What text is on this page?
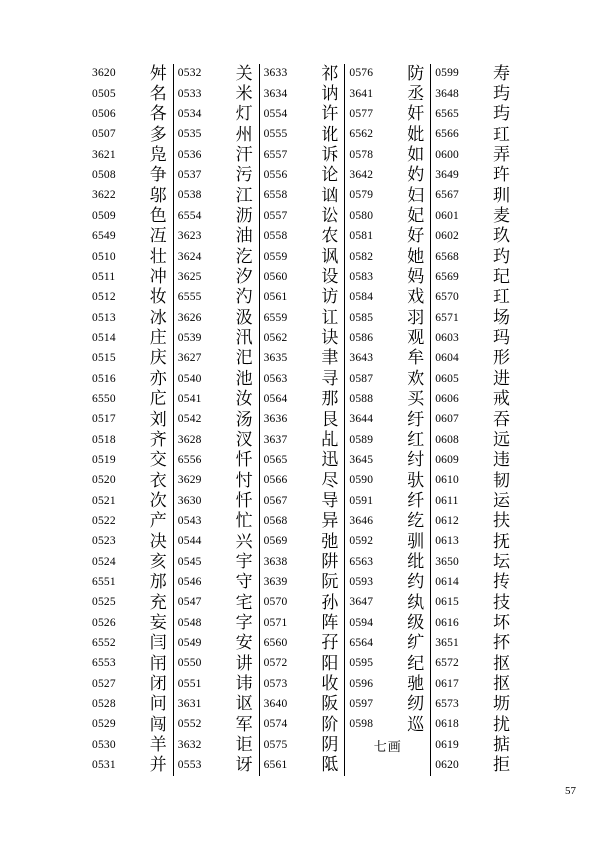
3620 舛
0505 名
0506 各
0507 多
3621 凫
0508 争
3622 邬
0509 色
6549 冱
0510 壮
0511 冲
0512 妆
0513 冰
0514 庄
0515 庆
0516 亦
6550 庀
0517 刘
0518 齐
0519 交
0520 衣
0521 次
0522 产
0523 决
0524 亥
6551 邡
0525 充
0526 妄
6552 闫
6553 闬
0527 闭
0528 问
0529 闯
0530 羊
0531 并
0532 关
0533 米
0534 灯
0535 州
0536 汗
0537 污
0538 江
6554 沥
3623 油
3624 汔
3625 汐
6555 汋
3626 汲
0539 汛
3627 汜
0540 池
0541 汝
0542 汤
3628 汊
6556 忏
3629 忖
3630 忏
0543 忙
0544 兴
0545 宇
0546 守
0547 宅
0548 字
0549 安
0550 讲
0551 讳
3631 讴
0552 军
3632 讵
0553 讶
3633 祁
3634 讷
0554 许
0555 讹
6557 诉
0556 论
6558 讻
0557 讼
0558 农
0559 讽
0560 设
0561 访
6559 讧
0562 诀
3635 聿
0563 寻
0564 那
3636 艮
3637 乩
0565 迅
0566 尽
0567 导
0568 异
0569 弛
3638 阱
3639 阮
0570 孙
0571 阵
6560 孖
0572 阳
0573 收
3640 阪
0574 阶
0575 阴
6561 阺
0576 防
3641 丞
0577 奸
6562 妣
0578 如
3642 妁
0579 妇
0580 妃
0581 好
0582 她
0583 妈
0584 戏
0585 羽
0586 观
3643 牟
0587 欢
0588 买
3644 纡
0589 红
3645 纣
0590 驮
0591 纤
3646 纥
0592 驯
6563 纰
0593 约
3647 纨
0594 级
6564 纩
0595 纪
0596 驰
0597 纫
0598 巡
七画
0599 寿
3648 玙
6565 玙
6566 玒
0600 弄
3649 玝
6567 玔
0601 麦
0602 玖
6568 玓
6569 玘
6570 玒
6571 场
0603 玛
0604 形
0605 进
0606 戒
0607 吞
0608 远
0609 违
0610 韧
0611 运
0612 扶
0613 抚
3650 坛
0614 抟
0615 技
0616 坏
3651 抔
6572 抠
0617 抠
6573 坜
0618 扰
0619 掂
0620 拒
57
